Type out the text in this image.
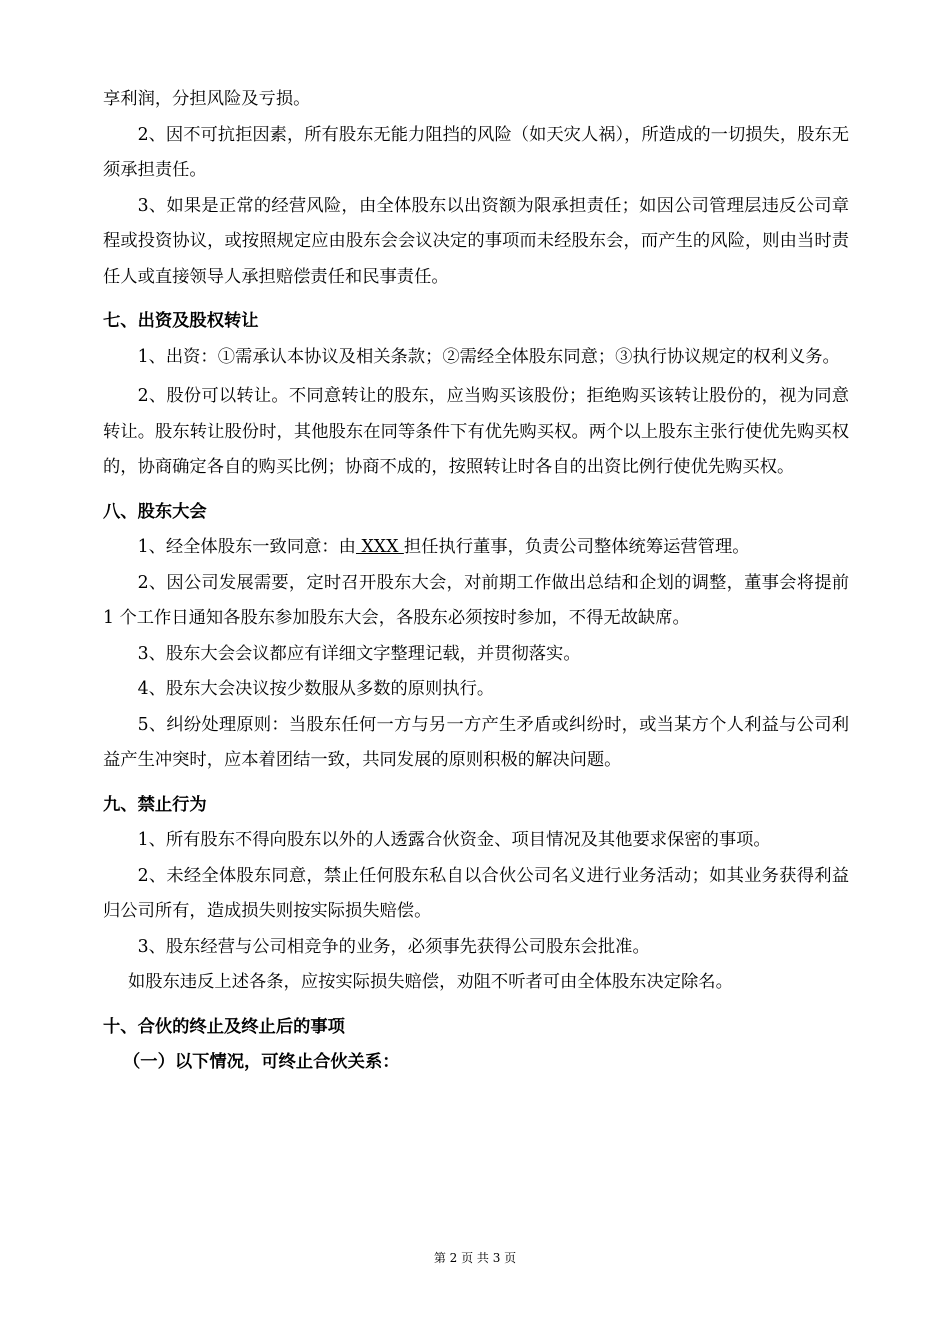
享利润，分担风险及亏损。

2、因不可抗拒因素，所有股东无能力阻挡的风险（如天灾人祸），所造成的一切损失，股东无须承担责任。

3、如果是正常的经营风险，由全体股东以出资额为限承担责任；如因公司管理层违反公司章程或投资协议，或按照规定应由股东会会议决定的事项而未经股东会，而产生的风险，则由当时责任人或直接领导人承担赔偿责任和民事责任。

七、出资及股权转让

1、出资：①需承认本协议及相关条款；②需经全体股东同意；③执行协议规定的权利义务。

2、股份可以转让。不同意转让的股东，应当购买该股份；拒绝购买该转让股份的，视为同意转让。股东转让股份时，其他股东在同等条件下有优先购买权。两个以上股东主张行使优先购买权的，协商确定各自的购买比例；协商不成的，按照转让时各自的出资比例行使优先购买权。

八、股东大会

1、经全体股东一致同意：由 XXX 担任执行董事，负责公司整体统筹运营管理。

2、因公司发展需要，定时召开股东大会，对前期工作做出总结和企划的调整，董事会将提前 1 个工作日通知各股东参加股东大会，各股东必须按时参加，不得无故缺席。

3、股东大会会议都应有详细文字整理记载，并贯彻落实。

4、股东大会决议按少数服从多数的原则执行。

5、纠纷处理原则：当股东任何一方与另一方产生矛盾或纠纷时，或当某方个人利益与公司利益产生冲突时，应本着团结一致，共同发展的原则积极的解决问题。

九、禁止行为

1、所有股东不得向股东以外的人透露合伙资金、项目情况及其他要求保密的事项。

2、未经全体股东同意，禁止任何股东私自以合伙公司名义进行业务活动；如其业务获得利益归公司所有，造成损失则按实际损失赔偿。

3、股东经营与公司相竞争的业务，必须事先获得公司股东会批准。

如股东违反上述各条，应按实际损失赔偿，劝阻不听者可由全体股东决定除名。

十、合伙的终止及终止后的事项

（一）以下情况，可终止合伙关系：

第 2 页 共 3 页
